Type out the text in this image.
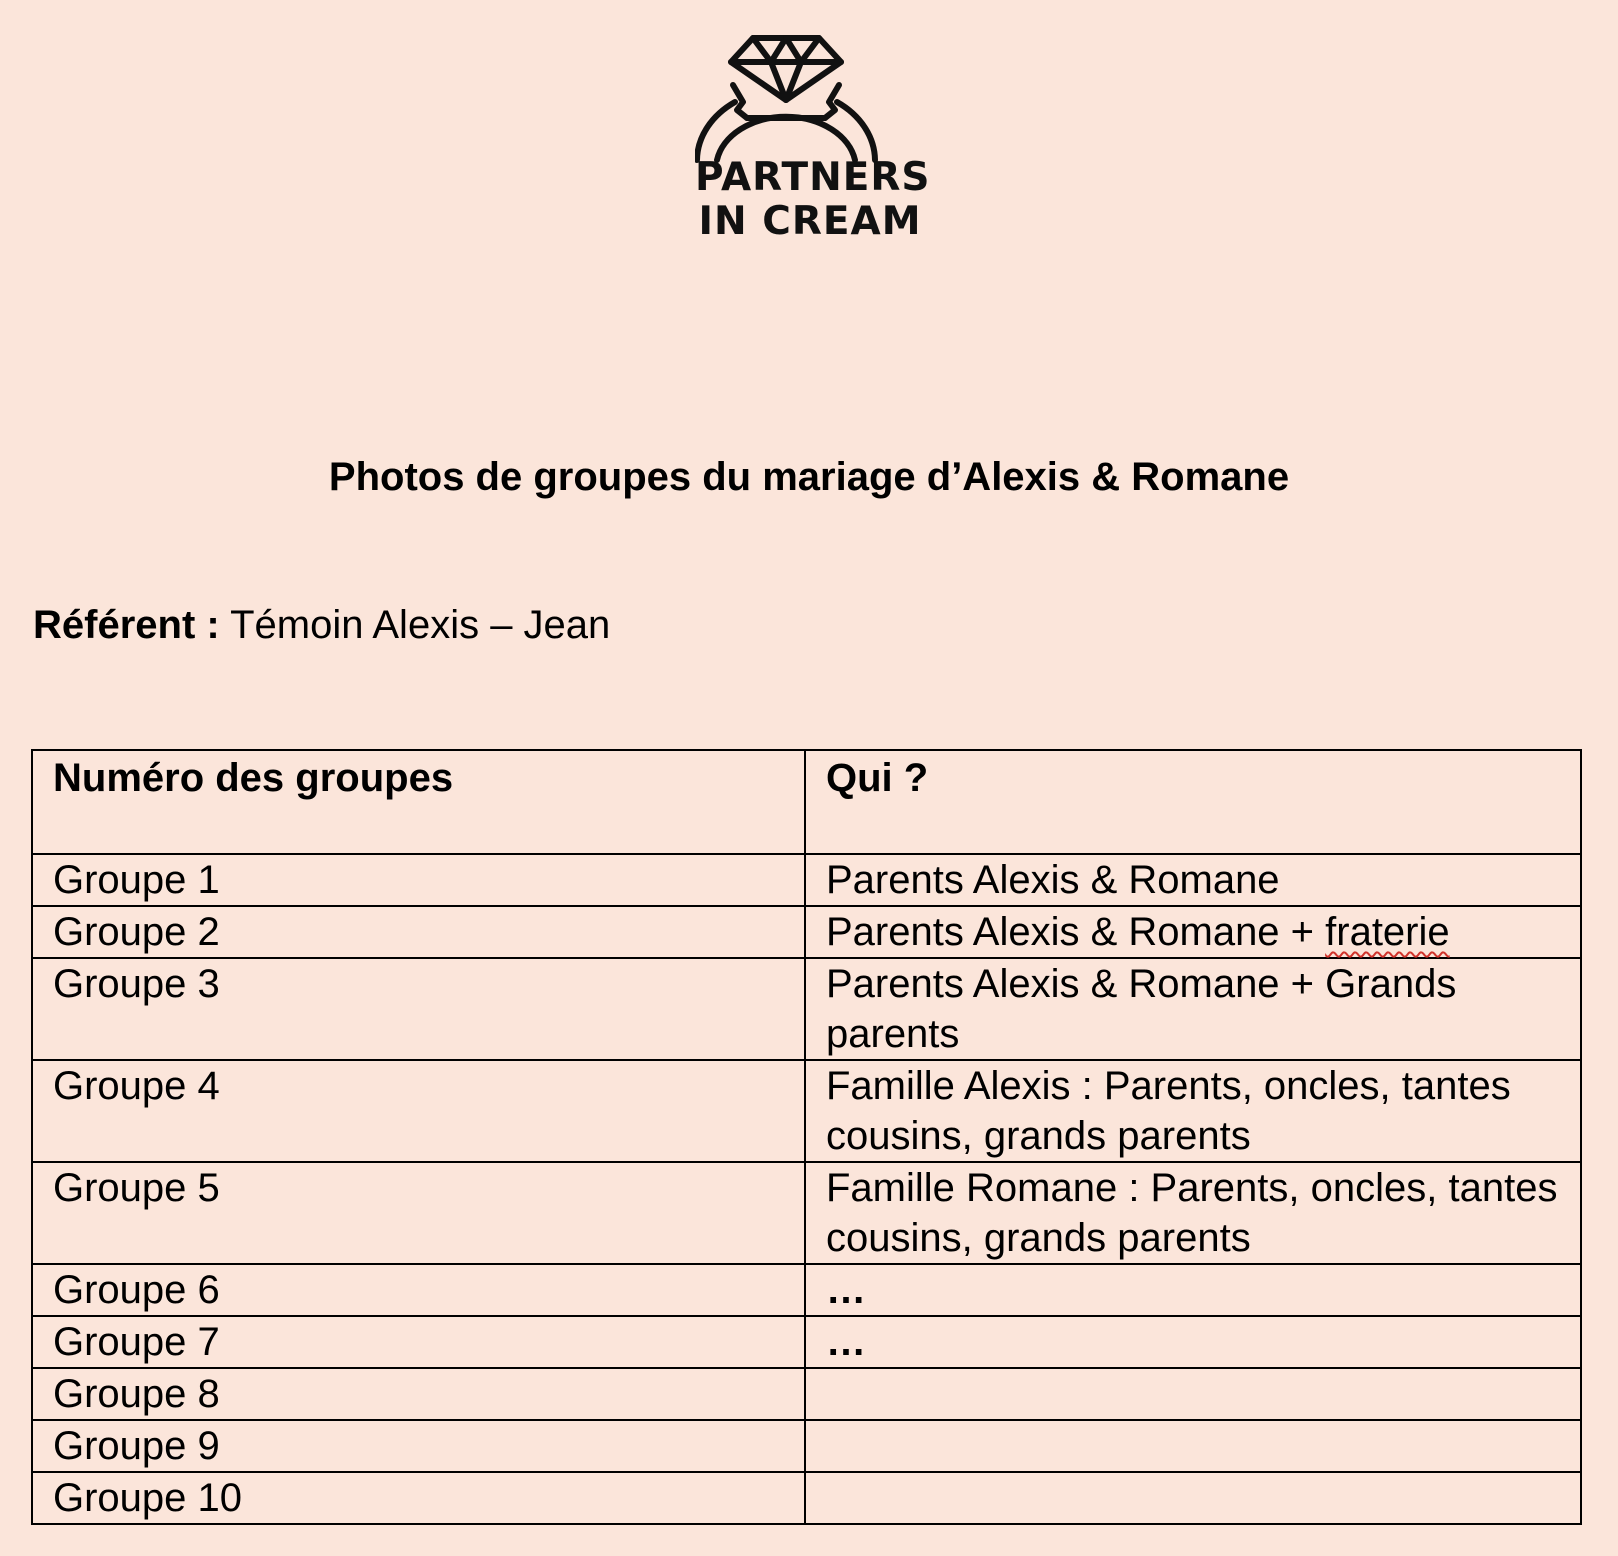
PARTNERS
IN CREAM
Photos de groupes du mariage d’Alexis & Romane
Référent : Témoin Alexis – Jean
Numéro des groupes	Qui ?
Groupe 1	Parents Alexis & Romane
Groupe 2	Parents Alexis & Romane + fraterie
Groupe 3	Parents Alexis & Romane + Grands parents
Groupe 4	Famille Alexis : Parents, oncles, tantes cousins, grands parents
Groupe 5	Famille Romane : Parents, oncles, tantes cousins, grands parents
Groupe 6	…
Groupe 7	…
Groupe 8	
Groupe 9	
Groupe 10	
